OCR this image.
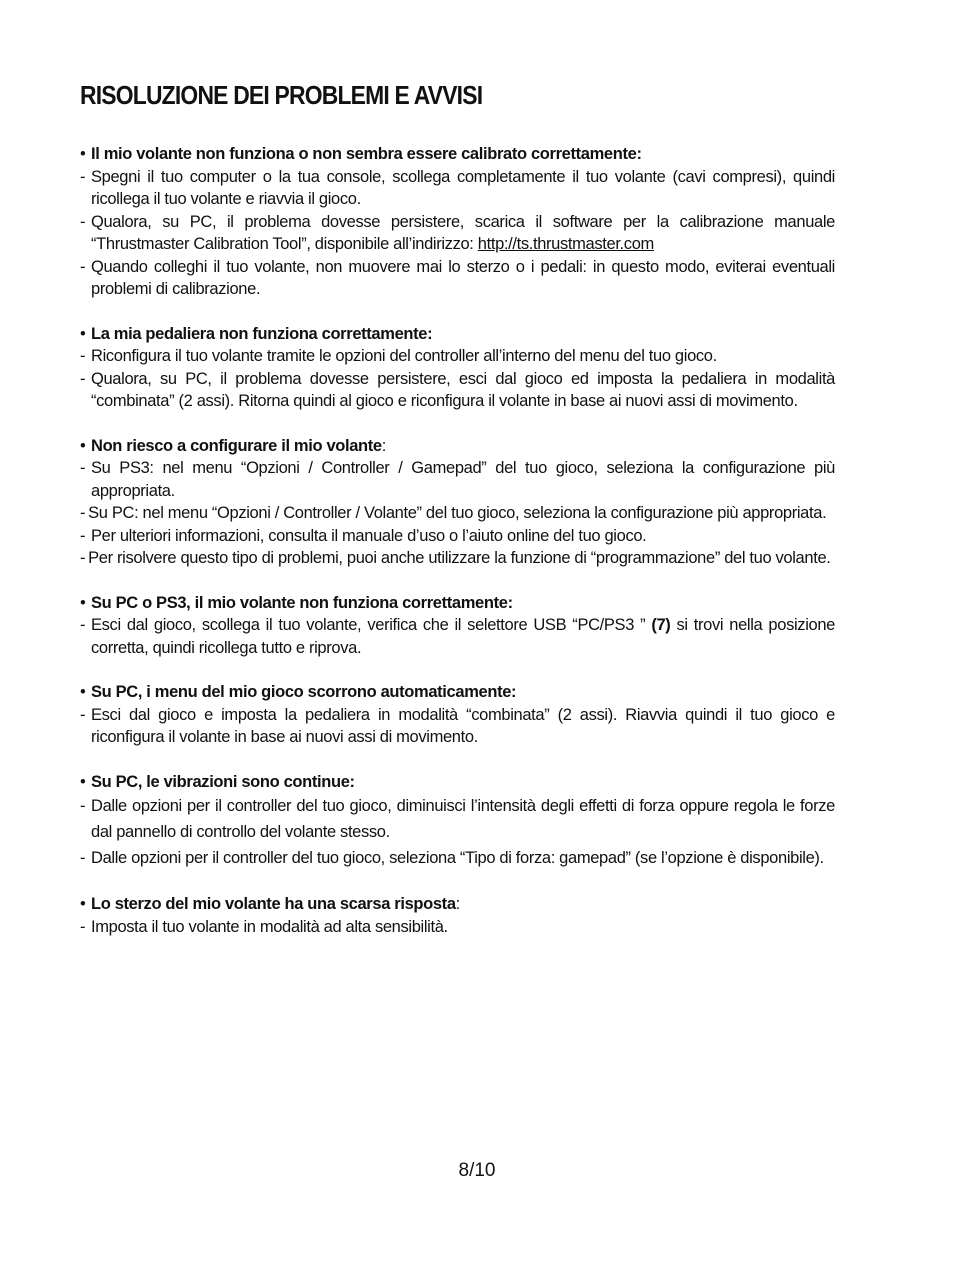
RISOLUZIONE DEI PROBLEMI E AVVISI
• Il mio volante non funziona o non sembra essere calibrato correttamente:
- Spegni il tuo computer o la tua console, scollega completamente il tuo volante (cavi compresi), quindi ricollega il tuo volante e riavvia il gioco.
- Qualora, su PC, il problema dovesse persistere, scarica il software per la calibrazione manuale “Thrustmaster Calibration Tool”, disponibile all’indirizzo: http://ts.thrustmaster.com
- Quando colleghi il tuo volante, non muovere mai lo sterzo o i pedali: in questo modo, eviterai eventuali problemi di calibrazione.
• La mia pedaliera non funziona correttamente:
- Riconfigura il tuo volante tramite le opzioni del controller all’interno del menu del tuo gioco.
- Qualora, su PC, il problema dovesse persistere, esci dal gioco ed imposta la pedaliera in modalità “combinata” (2 assi). Ritorna quindi al gioco e riconfigura il volante in base ai nuovi assi di movimento.
• Non riesco a configurare il mio volante:
- Su PS3: nel menu “Opzioni / Controller / Gamepad” del tuo gioco, seleziona la configurazione più appropriata.
- Su PC: nel menu “Opzioni / Controller / Volante” del tuo gioco, seleziona la configurazione più appropriata.
- Per ulteriori informazioni, consulta il manuale d’uso o l’aiuto online del tuo gioco.
- Per risolvere questo tipo di problemi, puoi anche utilizzare la funzione di “programmazione” del tuo volante.
• Su PC o PS3, il mio volante non funziona correttamente:
- Esci dal gioco, scollega il tuo volante, verifica che il selettore USB “PC/PS3 ” (7) si trovi nella posizione corretta, quindi ricollega tutto e riprova.
• Su PC, i menu del mio gioco scorrono automaticamente:
- Esci dal gioco e imposta la pedaliera in modalità “combinata” (2 assi). Riavvia quindi il tuo gioco e riconfigura il volante in base ai nuovi assi di movimento.
• Su PC, le vibrazioni sono continue:
- Dalle opzioni per il controller del tuo gioco, diminuisci l’intensità degli effetti di forza oppure regola le forze dal pannello di controllo del volante stesso.
- Dalle opzioni per il controller del tuo gioco, seleziona “Tipo di forza: gamepad” (se l’opzione è disponibile).
• Lo sterzo del mio volante ha una scarsa risposta:
- Imposta il tuo volante in modalità ad alta sensibilità.
8/10
